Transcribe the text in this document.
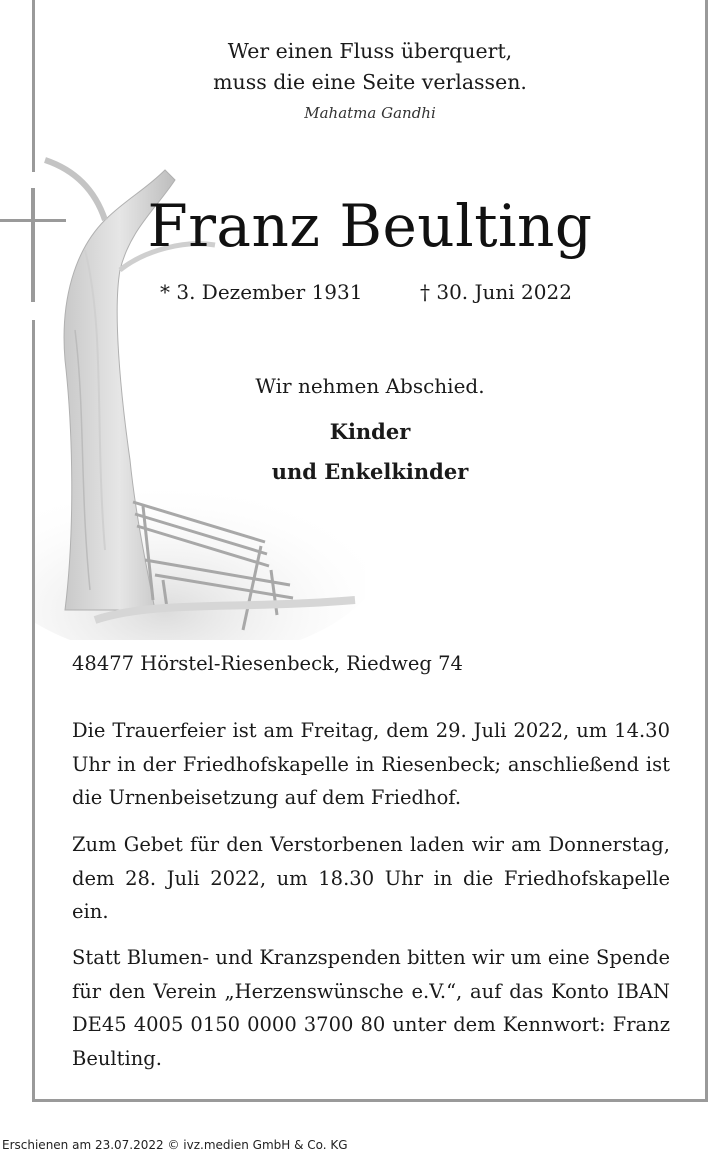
Wer einen Fluss überquert,
muss die eine Seite verlassen.
Mahatma Gandhi
Franz Beulting
* 3. Dezember 1931	† 30. Juni 2022
Wir nehmen Abschied.
Kinder
und Enkelkinder
48477 Hörstel-Riesenbeck, Riedweg 74
Die Trauerfeier ist am Freitag, dem 29. Juli 2022, um 14.30 Uhr in der Friedhofskapelle in Riesenbeck; anschließend ist die Urnenbeisetzung auf dem Friedhof.
Zum Gebet für den Verstorbenen laden wir am Donnerstag, dem 28. Juli 2022, um 18.30 Uhr in die Friedhofskapelle ein.
Statt Blumen- und Kranzspenden bitten wir um eine Spende für den Verein „Herzenswünsche e.V.“, auf das Konto IBAN DE45 4005 0150 0000 3700 80 unter dem Kennwort: Franz Beulting.
Erschienen am 23.07.2022 © ivz.medien GmbH & Co. KG
